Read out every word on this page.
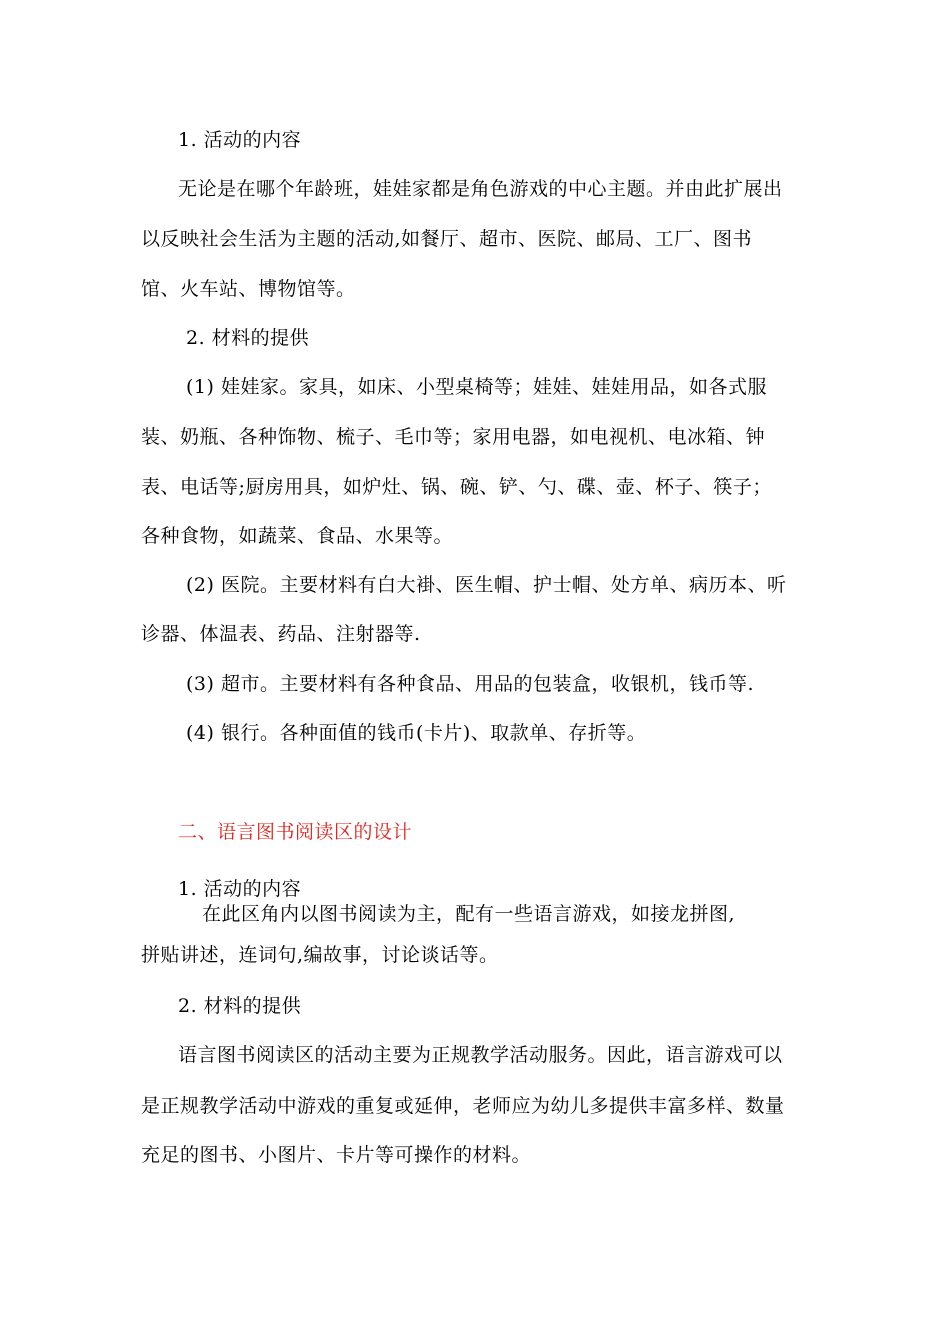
1. 活动的内容
无论是在哪个年龄班，娃娃家都是角色游戏的中心主题。并由此扩展出
以反映社会生活为主题的活动,如餐厅、超市、医院、邮局、工厂、图书
馆、火车站、博物馆等。
2. 材料的提供
(1) 娃娃家。家具，如床、小型桌椅等；娃娃、娃娃用品，如各式服
装、奶瓶、各种饰物、梳子、毛巾等；家用电器，如电视机、电冰箱、钟
表、电话等;厨房用具，如炉灶、锅、碗、铲、勺、碟、壶、杯子、筷子；
各种食物，如蔬菜、食品、水果等。
(2) 医院。主要材料有白大褂、医生帽、护士帽、处方单、病历本、听
诊器、体温表、药品、注射器等.
(3) 超市。主要材料有各种食品、用品的包装盒，收银机，钱币等.
(4) 银行。各种面值的钱币(卡片)、取款单、存折等。
二、语言图书阅读区的设计
1. 活动的内容
在此区角内以图书阅读为主，配有一些语言游戏，如接龙拼图,
拼贴讲述，连词句,编故事，讨论谈话等。
2. 材料的提供
语言图书阅读区的活动主要为正规教学活动服务。因此，语言游戏可以
是正规教学活动中游戏的重复或延伸，老师应为幼儿多提供丰富多样、数量
充足的图书、小图片、卡片等可操作的材料。
